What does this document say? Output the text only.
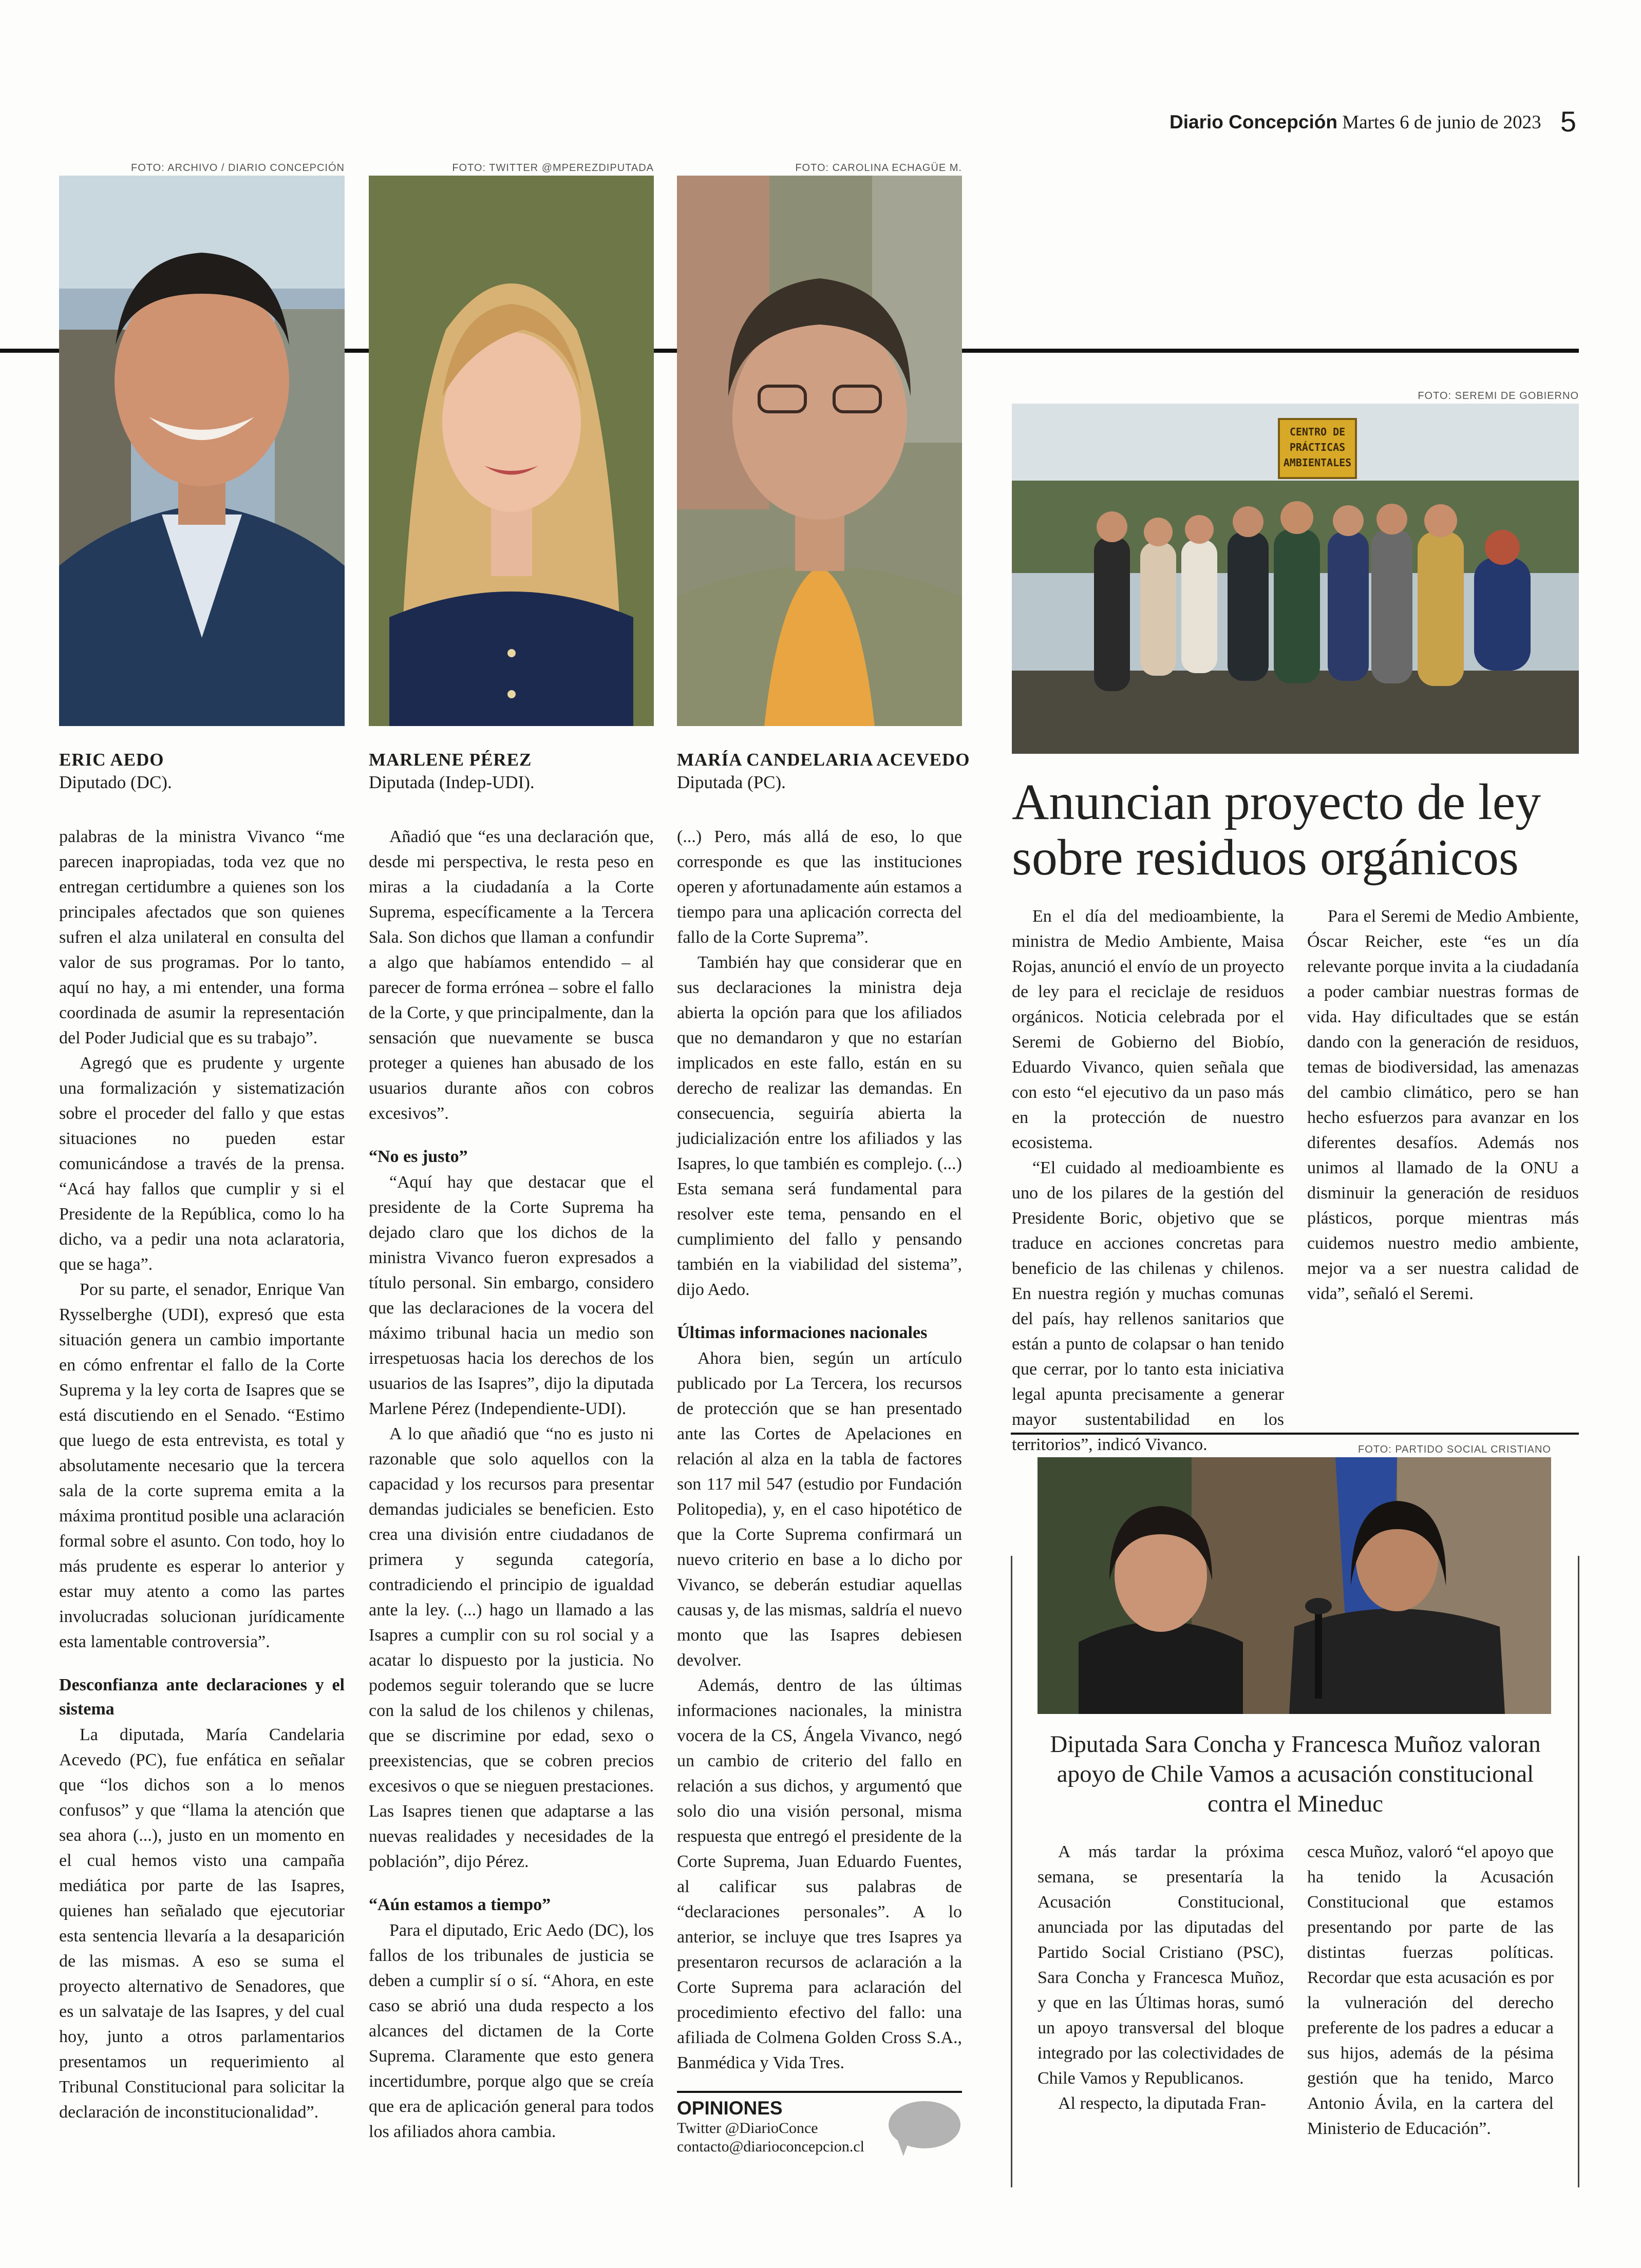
Diario Concepción Martes 6 de junio de 2023 5
FOTO: ARCHIVO / DIARIO CONCEPCIÓN	FOTO: TWITTER @MPEREZDIPUTADA	FOTO: CAROLINA ECHAGÜE M.
FOTO: SEREMI DE GOBIERNO
FOTO: PARTIDO SOCIAL CRISTIANO
ERIC AEDO
Diputado (DC).
MARLENE PÉREZ
Diputada (Indep-UDI).
MARÍA CANDELARIA ACEVEDO
Diputada (PC).

palabras de la ministra Vivanco “me parecen inapropiadas, toda vez que no entregan certidumbre a quienes son los principales afectados que son quienes sufren el alza unilateral en consulta del valor de sus programas. Por lo tanto, aquí no hay, a mi entender, una forma coordinada de asumir la representación del Poder Judicial que es su trabajo”.

Agregó que es prudente y urgente una formalización y sistematización sobre el proceder del fallo y que estas situaciones no pueden estar comunicándose a través de la prensa. “Acá hay fallos que cumplir y si el Presidente de la República, como lo ha dicho, va a pedir una nota aclaratoria, que se haga”.

Por su parte, el senador, Enrique Van Rysselberghe (UDI), expresó que esta situación genera un cambio importante en cómo enfrentar el fallo de la Corte Suprema y la ley corta de Isapres que se está discutiendo en el Senado. “Estimo que luego de esta entrevista, es total y absolutamente necesario que la tercera sala de la corte suprema emita a la máxima prontitud posible una aclaración formal sobre el asunto. Con todo, hoy lo más prudente es esperar lo anterior y estar muy atento a como las partes involucradas solucionan jurídicamente esta lamentable controversia”.

Desconfianza ante declaraciones y el sistema

La diputada, María Candelaria Acevedo (PC), fue enfática en señalar que “los dichos son a lo menos confusos” y que “llama la atención que sea ahora (...), justo en un momento en el cual hemos visto una campaña mediática por parte de las Isapres, quienes han señalado que ejecutoriar esta sentencia llevaría a la desaparición de las mismas. A eso se suma el proyecto alternativo de Senadores, que es un salvataje de las Isapres, y del cual hoy, junto a otros parlamentarios presentamos un requerimiento al Tribunal Constitucional para solicitar la declaración de inconstitucionalidad”.

Añadió que “es una declaración que, desde mi perspectiva, le resta peso en miras a la ciudadanía a la Corte Suprema, específicamente a la Tercera Sala. Son dichos que llaman a confundir a algo que habíamos entendido – al parecer de forma errónea – sobre el fallo de la Corte, y que principalmente, dan la sensación que nuevamente se busca proteger a quienes han abusado de los usuarios durante años con cobros excesivos”.

“No es justo”

“Aquí hay que destacar que el presidente de la Corte Suprema ha dejado claro que los dichos de la ministra Vivanco fueron expresados a título personal. Sin embargo, considero que las declaraciones de la vocera del máximo tribunal hacia un medio son irrespetuosas hacia los derechos de los usuarios de las Isapres”, dijo la diputada Marlene Pérez (Independiente-UDI).

A lo que añadió que “no es justo ni razonable que solo aquellos con la capacidad y los recursos para presentar demandas judiciales se beneficien. Esto crea una división entre ciudadanos de primera y segunda categoría, contradiciendo el principio de igualdad ante la ley. (...) hago un llamado a las Isapres a cumplir con su rol social y a acatar lo dispuesto por la justicia. No podemos seguir tolerando que se lucre con la salud de los chilenos y chilenas, que se discrimine por edad, sexo o preexistencias, que se cobren precios excesivos o que se nieguen prestaciones. Las Isapres tienen que adaptarse a las nuevas realidades y necesidades de la población”, dijo Pérez.

“Aún estamos a tiempo”

Para el diputado, Eric Aedo (DC), los fallos de los tribunales de justicia se deben a cumplir sí o sí. “Ahora, en este caso se abrió una duda respecto a los alcances del dictamen de la Corte Suprema. Claramente que esto genera incertidumbre, porque algo que se creía que era de aplicación general para todos los afiliados ahora cambia.

(...) Pero, más allá de eso, lo que corresponde es que las instituciones operen y afortunadamente aún estamos a tiempo para una aplicación correcta del fallo de la Corte Suprema”.

También hay que considerar que en sus declaraciones la ministra deja abierta la opción para que los afiliados que no demandaron y que no estarían implicados en este fallo, están en su derecho de realizar las demandas. En consecuencia, seguiría abierta la judicialización entre los afiliados y las Isapres, lo que también es complejo. (...) Esta semana será fundamental para resolver este tema, pensando en el cumplimiento del fallo y pensando también en la viabilidad del sistema”, dijo Aedo.

Últimas informaciones nacionales

Ahora bien, según un artículo publicado por La Tercera, los recursos de protección que se han presentado ante las Cortes de Apelaciones en relación al alza en la tabla de factores son 117 mil 547 (estudio por Fundación Politopedia), y, en el caso hipotético de que la Corte Suprema confirmará un nuevo criterio en base a lo dicho por Vivanco, se deberán estudiar aquellas causas y, de las mismas, saldría el nuevo monto que las Isapres debiesen devolver.

Además, dentro de las últimas informaciones nacionales, la ministra vocera de la CS, Ángela Vivanco, negó un cambio de criterio del fallo en relación a sus dichos, y argumentó que solo dio una visión personal, misma respuesta que entregó el presidente de la Corte Suprema, Juan Eduardo Fuentes, al calificar sus palabras de “declaraciones personales”. A lo anterior, se incluye que tres Isapres ya presentaron recursos de aclaración a la Corte Suprema para aclaración del procedimiento efectivo del fallo: una afiliada de Colmena Golden Cross S.A., Banmédica y Vida Tres.

OPINIONES
Twitter @DiarioConce
contacto@diarioconcepcion.cl
CENTRO DE
PRÁCTICAS
AMBIENTALES
Anuncian proyecto de ley sobre residuos orgánicos

En el día del medioambiente, la ministra de Medio Ambiente, Maisa Rojas, anunció el envío de un proyecto de ley para el reciclaje de residuos orgánicos. Noticia celebrada por el Seremi de Gobierno del Biobío, Eduardo Vivanco, quien señala que con esto “el ejecutivo da un paso más en la protección de nuestro ecosistema.

“El cuidado al medioambiente es uno de los pilares de la gestión del Presidente Boric, objetivo que se traduce en acciones concretas para beneficio de las chilenas y chilenos. En nuestra región y muchas comunas del país, hay rellenos sanitarios que están a punto de colapsar o han tenido que cerrar, por lo tanto esta iniciativa legal apunta precisamente a generar mayor sustentabilidad en los territorios”, indicó Vivanco.

Para el Seremi de Medio Ambiente, Óscar Reicher, este “es un día relevante porque invita a la ciudadanía a poder cambiar nuestras formas de vida. Hay dificultades que se están dando con la generación de residuos, temas de biodiversidad, las amenazas del cambio climático, pero se han hecho esfuerzos para avanzar en los diferentes desafíos. Además nos unimos al llamado de la ONU a disminuir la generación de residuos plásticos, porque mientras más cuidemos nuestro medio ambiente, mejor va a ser nuestra calidad de vida”, señaló el Seremi.

Diputada Sara Concha y Francesca Muñoz valoran apoyo de Chile Vamos a acusación constitucional contra el Mineduc

A más tardar la próxima semana, se presentaría la Acusación Constitucional, anunciada por las diputadas del Partido Social Cristiano (PSC), Sara Concha y Francesca Muñoz, y que en las Últimas horas, sumó un apoyo transversal del bloque integrado por las colectividades de Chile Vamos y Republicanos.

Al respecto, la diputada Fran-

cesca Muñoz, valoró “el apoyo que ha tenido la Acusación Constitucional que estamos presentando por parte de las distintas fuerzas políticas. Recordar que esta acusación es por la vulneración del derecho preferente de los padres a educar a sus hijos, además de la pésima gestión que ha tenido, Marco Antonio Ávila, en la cartera del Ministerio de Educación”.
